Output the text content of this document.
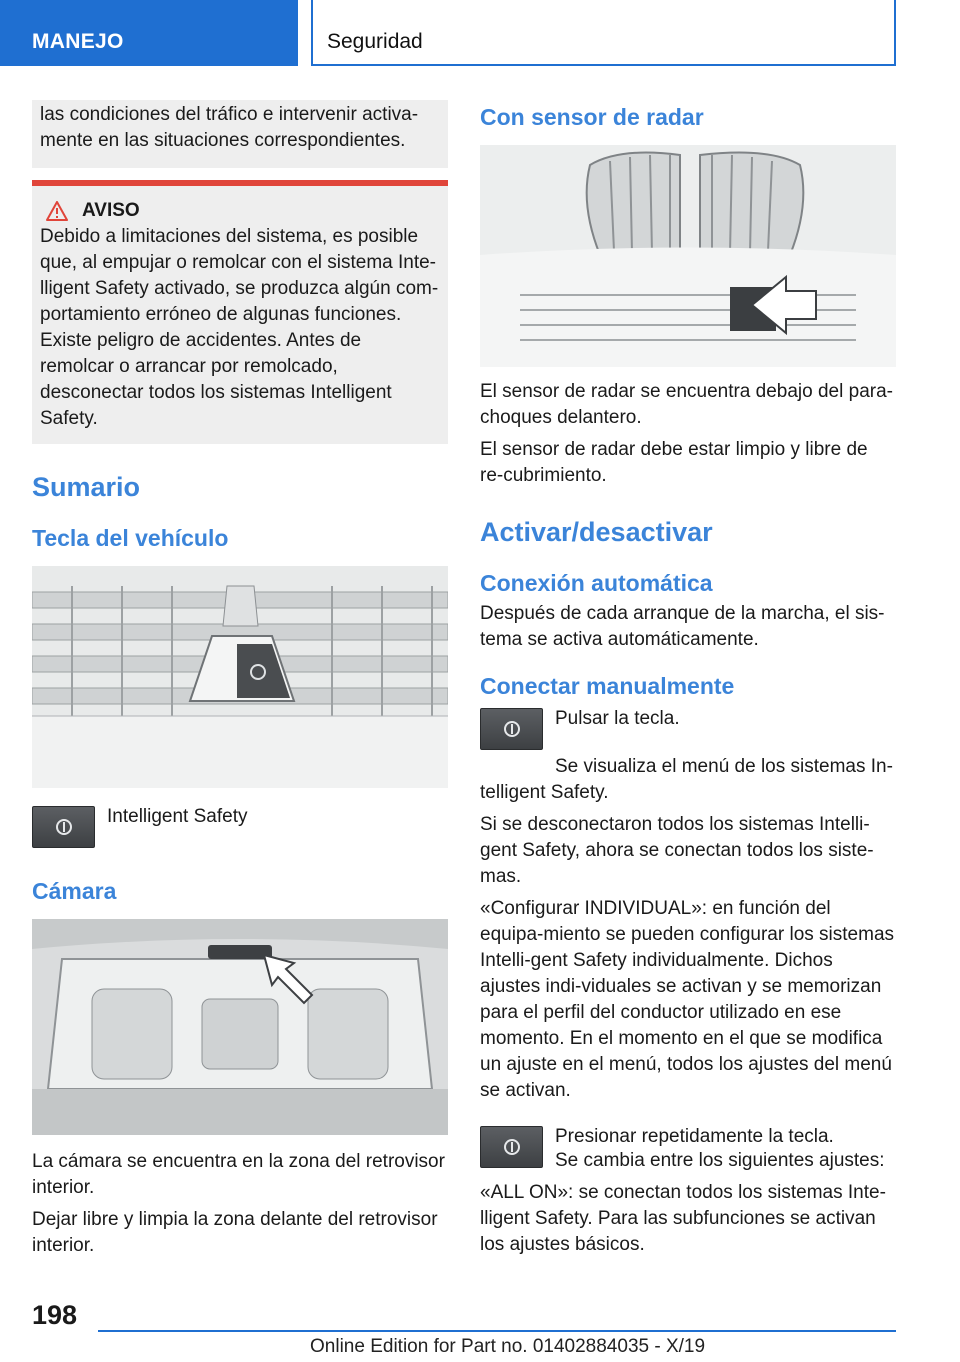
MANEJO	Seguridad

las condiciones del tráfico e intervenir activa-mente en las situaciones correspondientes.

AVISO

Debido a limitaciones del sistema, es posible que, al empujar o remolcar con el sistema Inte-lligent Safety activado, se produzca algún com-portamiento erróneo de algunas funciones. Existe peligro de accidentes. Antes de remolcar o arrancar por remolcado, desconectar todos los sistemas Intelligent Safety.

Sumario
Tecla del vehículo

Intelligent Safety

Cámara

La cámara se encuentra en la zona del retrovisor interior.

Dejar libre y limpia la zona delante del retrovisor interior.

Con sensor de radar

El sensor de radar se encuentra debajo del para-choques delantero.

El sensor de radar debe estar limpio y libre de re-cubrimiento.

Activar/desactivar
Conexión automática

Después de cada arranque de la marcha, el sis-tema se activa automáticamente.

Conectar manualmente

Pulsar la tecla.

Se visualiza el menú de los sistemas In-telligent Safety.

Si se desconectaron todos los sistemas Intelli-gent Safety, ahora se conectan todos los siste-mas.

«Configurar INDIVIDUAL»: en función del equipa-miento se pueden configurar los sistemas Intelli-gent Safety individualmente. Dichos ajustes indi-viduales se activan y se memorizan para el perfil del conductor utilizado en ese momento. En el momento en el que se modifica un ajuste en el menú, todos los ajustes del menú se activan.

Presionar repetidamente la tecla.

Se cambia entre los siguientes ajustes:

«ALL ON»: se conectan todos los sistemas Inte-lligent Safety. Para las subfunciones se activan los ajustes básicos.

198
Online Edition for Part no. 01402884035 - X/19
